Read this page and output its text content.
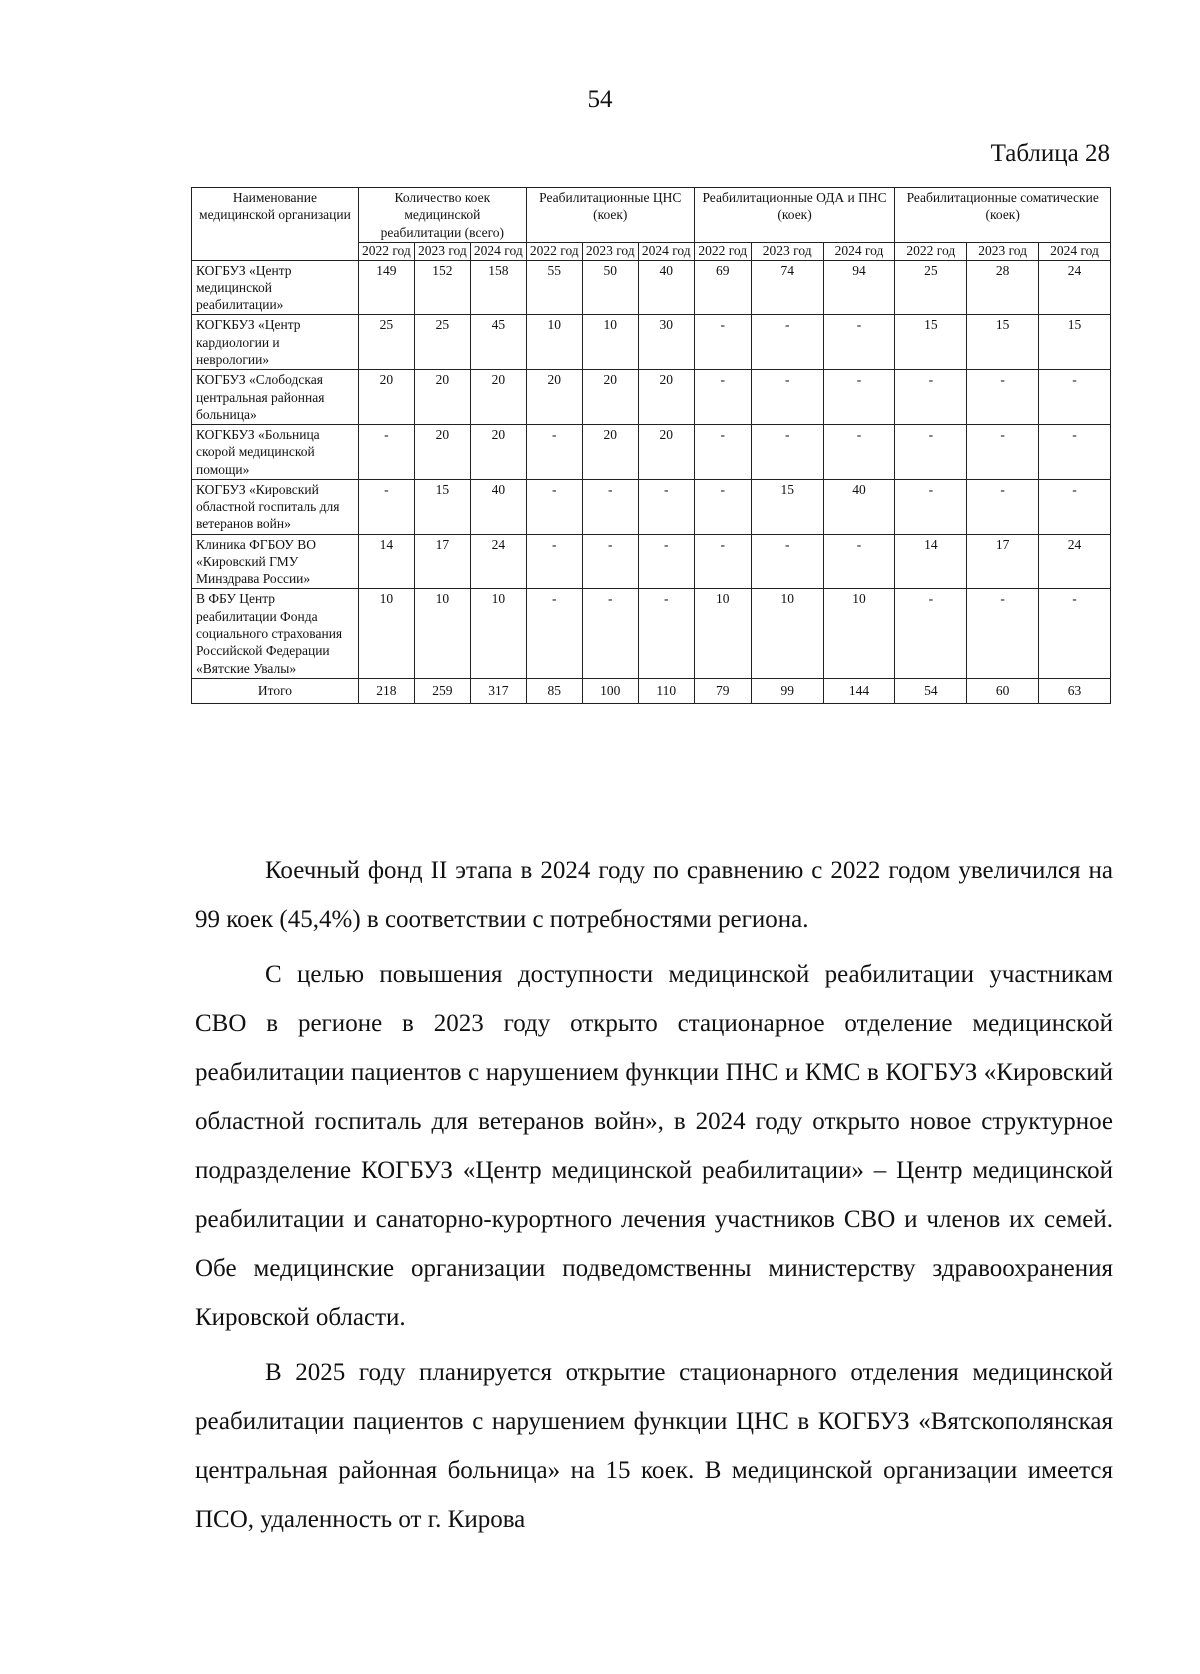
54
Таблица 28
Наименование медицинской организации	Количество коек медицинской реабилитации (всего)			Реабилитационные ЦНС (коек)			Реабилитационные ОДА и ПНС (коек)			Реабилитационные соматические (коек)		
	2022 год	2023 год	2024 год	2022 год	2023 год	2024 год	2022 год	2023 год	2024 год	2022 год	2023 год	2024 год
КОГБУЗ «Центр медицинской реабилитации»	149	152	158	55	50	40	69	74	94	25	28	24
КОГКБУЗ «Центр кардиологии и неврологии»	25	25	45	10	10	30	-	-	-	15	15	15
КОГБУЗ «Слободская центральная районная больница»	20	20	20	20	20	20	-	-	-	-	-	-
КОГКБУЗ «Больница скорой медицинской помощи»	-	20	20	-	20	20	-	-	-	-	-	-
КОГБУЗ «Кировский областной госпиталь для ветеранов войн»	-	15	40	-	-	-	-	15	40	-	-	-
Клиника ФГБОУ ВО «Кировский ГМУ Минздрава России»	14	17	24	-	-	-	-	-	-	14	17	24
В ФБУ Центр реабилитации Фонда социального страхования Российской Федерации «Вятские Увалы»	10	10	10	-	-	-	10	10	10	-	-	-
Итого	218	259	317	85	100	110	79	99	144	54	60	63

Коечный фонд II этапа в 2024 году по сравнению с 2022 годом увеличился на 99 коек (45,4%) в соответствии с потребностями региона.

С целью повышения доступности медицинской реабилитации участникам СВО в регионе в 2023 году открыто стационарное отделение медицинской реабилитации пациентов с нарушением функции ПНС и КМС в КОГБУЗ «Кировский областной госпиталь для ветеранов войн», в 2024 году открыто новое структурное подразделение КОГБУЗ «Центр медицинской реабилитации» – Центр медицинской реабилитации и санаторно-курортного лечения участников СВО и членов их семей. Обе медицинские организации подведомственны министерству здравоохранения Кировской области.

В 2025 году планируется открытие стационарного отделения медицинской реабилитации пациентов с нарушением функции ЦНС в КОГБУЗ «Вятскополянская центральная районная больница» на 15 коек. В медицинской организации имеется ПСО, удаленность от г. Кирова
